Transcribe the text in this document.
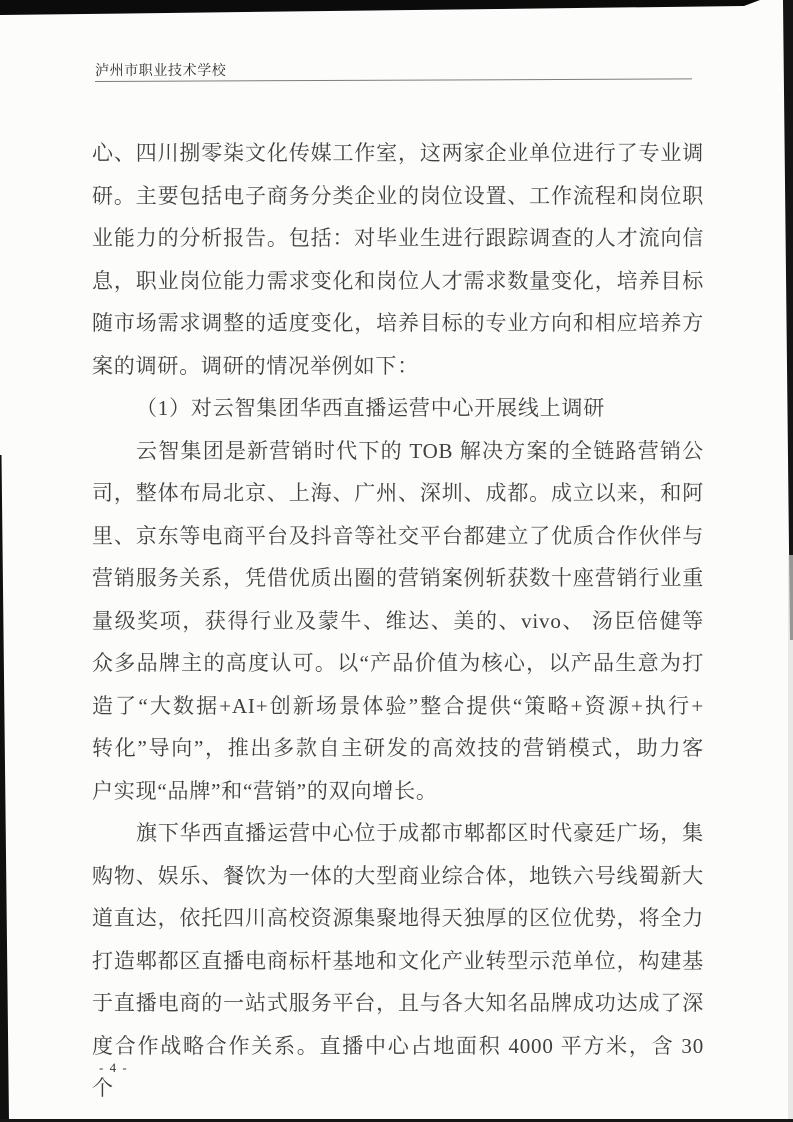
泸州市职业技术学校
心、四川捌零柒文化传媒工作室，这两家企业单位进行了专业调
研。主要包括电子商务分类企业的岗位设置、工作流程和岗位职
业能力的分析报告。包括：对毕业生进行跟踪调查的人才流向信
息，职业岗位能力需求变化和岗位人才需求数量变化，培养目标
随市场需求调整的适度变化，培养目标的专业方向和相应培养方
案的调研。调研的情况举例如下：
（1）对云智集团华西直播运营中心开展线上调研
云智集团是新营销时代下的 TOB 解决方案的全链路营销公
司，整体布局北京、上海、广州、深圳、成都。成立以来，和阿
里、京东等电商平台及抖音等社交平台都建立了优质合作伙伴与
营销服务关系，凭借优质出圈的营销案例斩获数十座营销行业重
量级奖项，获得行业及蒙牛、维达、美的、vivo、 汤臣倍健等
众多品牌主的高度认可。以“产品价值为核心，以产品生意为打
造了“大数据+AI+创新场景体验”整合提供“策略+资源+执行+
转化”导向”，推出多款自主研发的高效技的营销模式，助力客
户实现“品牌”和“营销”的双向增长。
旗下华西直播运营中心位于成都市郫都区时代豪廷广场，集
购物、娱乐、餐饮为一体的大型商业综合体，地铁六号线蜀新大
道直达，依托四川高校资源集聚地得天独厚的区位优势，将全力
打造郫都区直播电商标杆基地和文化产业转型示范单位，构建基
于直播电商的一站式服务平台，且与各大知名品牌成功达成了深
度合作战略合作关系。直播中心占地面积 4000 平方米，含 30 个
- 4 -
